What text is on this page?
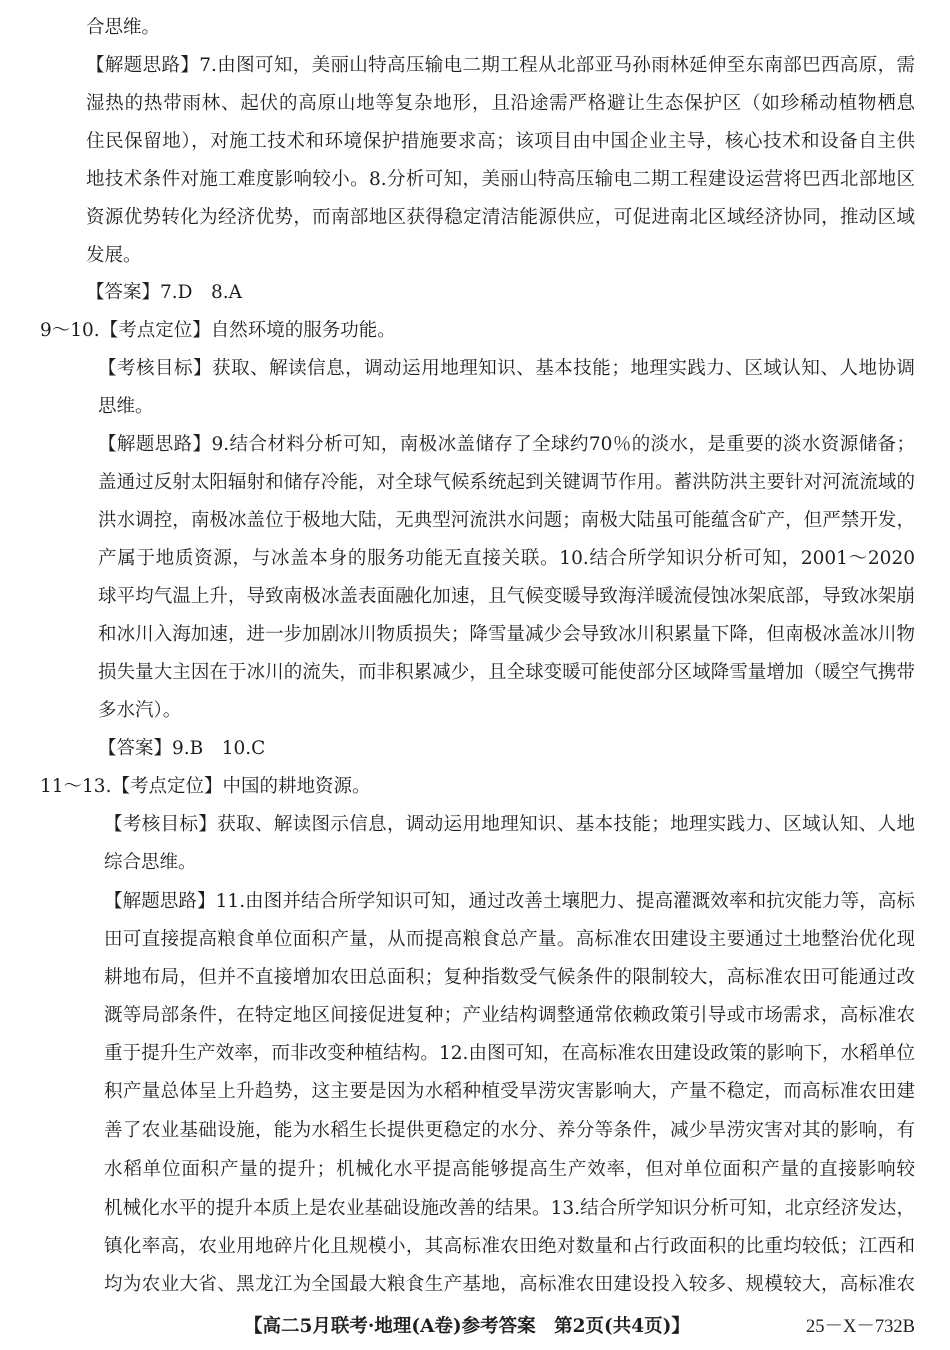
合思维。
【解题思路】7.由图可知，美丽山特高压输电二期工程从北部亚马孙雨林延伸至东南部巴西高原，需
湿热的热带雨林、起伏的高原山地等复杂地形，且沿途需严格避让生态保护区（如珍稀动植物栖息
住民保留地），对施工技术和环境保护措施要求高；该项目由中国企业主导，核心技术和设备自主供
地技术条件对施工难度影响较小。8.分析可知，美丽山特高压输电二期工程建设运营将巴西北部地区
资源优势转化为经济优势，而南部地区获得稳定清洁能源供应，可促进南北区域经济协同，推动区域
发展。
【答案】7.D　8.A
9～10.【考点定位】自然环境的服务功能。
【考核目标】获取、解读信息，调动运用地理知识、基本技能；地理实践力、区域认知、人地协调
思维。
【解题思路】9.结合材料分析可知，南极冰盖储存了全球约70％的淡水，是重要的淡水资源储备；
盖通过反射太阳辐射和储存冷能，对全球气候系统起到关键调节作用。蓄洪防洪主要针对河流流域的
洪水调控，南极冰盖位于极地大陆，无典型河流洪水问题；南极大陆虽可能蕴含矿产，但严禁开发，
产属于地质资源，与冰盖本身的服务功能无直接关联。10.结合所学知识分析可知，2001～2020
球平均气温上升，导致南极冰盖表面融化加速，且气候变暖导致海洋暖流侵蚀冰架底部，导致冰架崩
和冰川入海加速，进一步加剧冰川物质损失；降雪量减少会导致冰川积累量下降，但南极冰盖冰川物
损失量大主因在于冰川的流失，而非积累减少，且全球变暖可能使部分区域降雪量增加（暖空气携带
多水汽）。
【答案】9.B　10.C
11～13.【考点定位】中国的耕地资源。
【考核目标】获取、解读图示信息，调动运用地理知识、基本技能；地理实践力、区域认知、人地
综合思维。
【解题思路】11.由图并结合所学知识可知，通过改善土壤肥力、提高灌溉效率和抗灾能力等，高标
田可直接提高粮食单位面积产量，从而提高粮食总产量。高标准农田建设主要通过土地整治优化现
耕地布局，但并不直接增加农田总面积；复种指数受气候条件的限制较大，高标准农田可能通过改
溉等局部条件，在特定地区间接促进复种；产业结构调整通常依赖政策引导或市场需求，高标准农
重于提升生产效率，而非改变种植结构。12.由图可知，在高标准农田建设政策的影响下，水稻单位
积产量总体呈上升趋势，这主要是因为水稻种植受旱涝灾害影响大，产量不稳定，而高标准农田建
善了农业基础设施，能为水稻生长提供更稳定的水分、养分等条件，减少旱涝灾害对其的影响，有
水稻单位面积产量的提升；机械化水平提高能够提高生产效率，但对单位面积产量的直接影响较
机械化水平的提升本质上是农业基础设施改善的结果。13.结合所学知识分析可知，北京经济发达，
镇化率高，农业用地碎片化且规模小，其高标准农田绝对数量和占行政面积的比重均较低；江西和
均为农业大省、黑龙江为全国最大粮食生产基地，高标准农田建设投入较多、规模较大，高标准农
【高二5月联考·地理(A卷)参考答案　第2页(共4页)】	25－X－732B
